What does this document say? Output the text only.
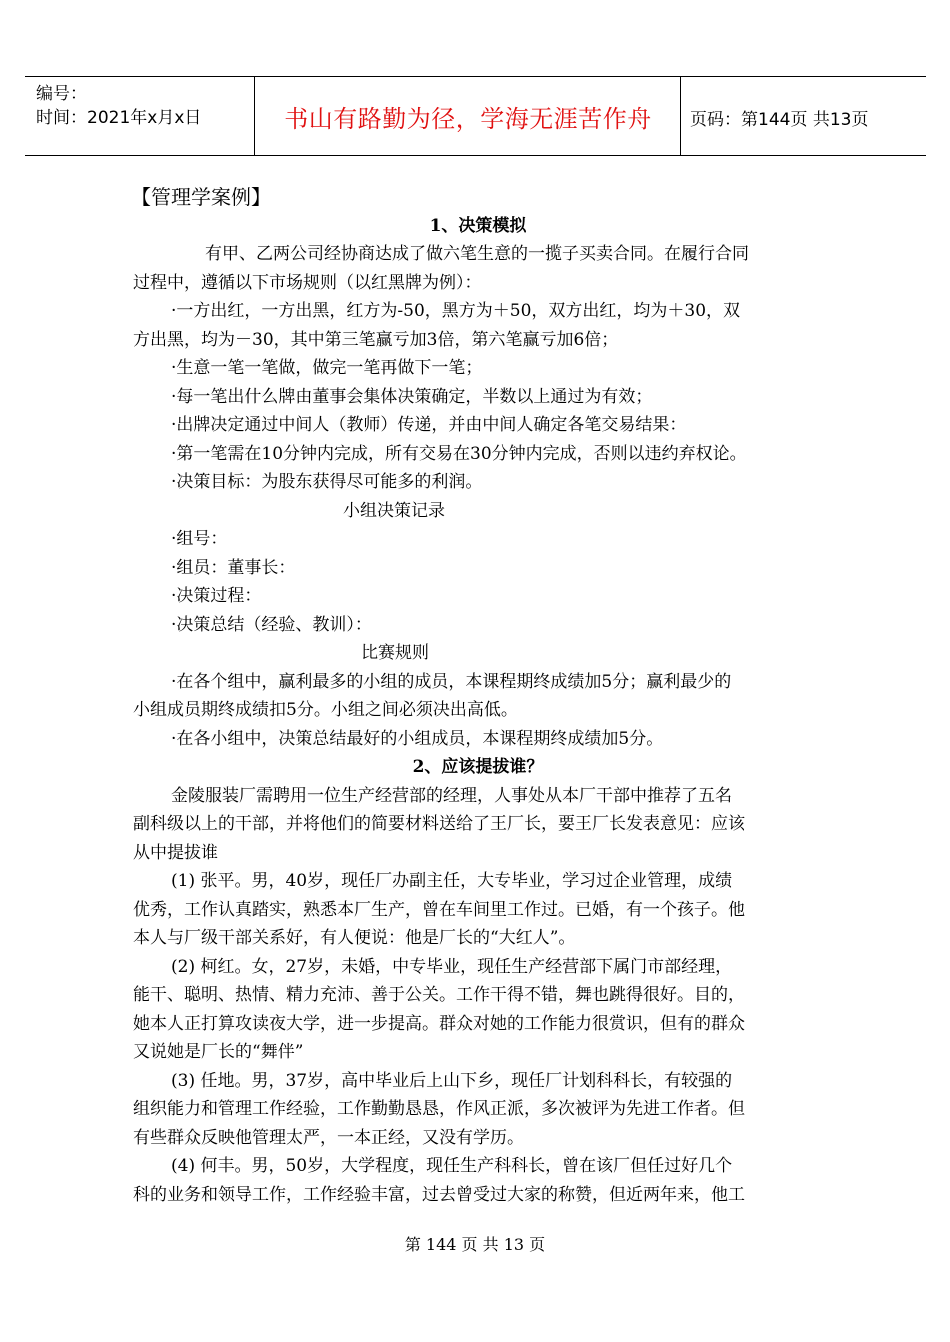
编号：
时间：2021年x月x日	书山有路勤为径，学海无涯苦作舟	页码：第144页 共13页
【管理学案例】
1、决策模拟
有甲、乙两公司经协商达成了做六笔生意的一揽子买卖合同。在履行合同
过程中，遵循以下市场规则（以红黑牌为例）：
·一方出红，一方出黑，红方为-50，黑方为＋50，双方出红，均为＋30，双
方出黑，均为－30，其中第三笔赢亏加3倍，第六笔赢亏加6倍；
·生意一笔一笔做，做完一笔再做下一笔；
·每一笔出什么牌由董事会集体决策确定，半数以上通过为有效；
·出牌决定通过中间人（教师）传递，并由中间人确定各笔交易结果：
·第一笔需在10分钟内完成，所有交易在30分钟内完成，否则以违约弃权论。
·决策目标：为股东获得尽可能多的利润。
小组决策记录
·组号：
·组员：董事长：
·决策过程：
·决策总结（经验、教训）：
比赛规则
·在各个组中，赢利最多的小组的成员，本课程期终成绩加5分；赢利最少的
小组成员期终成绩扣5分。小组之间必须决出高低。
·在各小组中，决策总结最好的小组成员，本课程期终成绩加5分。
2、应该提拔谁？
金陵服装厂需聘用一位生产经营部的经理，人事处从本厂干部中推荐了五名
副科级以上的干部，并将他们的简要材料送给了王厂长，要王厂长发表意见：应该
从中提拔谁
(1) 张平。男，40岁，现任厂办副主任，大专毕业，学习过企业管理，成绩
优秀，工作认真踏实，熟悉本厂生产，曾在车间里工作过。已婚，有一个孩子。他
本人与厂级干部关系好，有人便说：他是厂长的“大红人”。
(2) 柯红。女，27岁，未婚，中专毕业，现任生产经营部下属门市部经理，
能干、聪明、热情、精力充沛、善于公关。工作干得不错，舞也跳得很好。目的，
她本人正打算攻读夜大学，进一步提高。群众对她的工作能力很赏识，但有的群众
又说她是厂长的“舞伴”
(3) 任地。男，37岁，高中毕业后上山下乡，现任厂计划科科长，有较强的
组织能力和管理工作经验，工作勤勤恳恳，作风正派，多次被评为先进工作者。但
有些群众反映他管理太严，一本正经，又没有学历。
(4) 何丰。男，50岁，大学程度，现任生产科科长，曾在该厂但任过好几个
科的业务和领导工作，工作经验丰富，过去曾受过大家的称赞，但近两年来，他工
第 144 页 共 13 页
